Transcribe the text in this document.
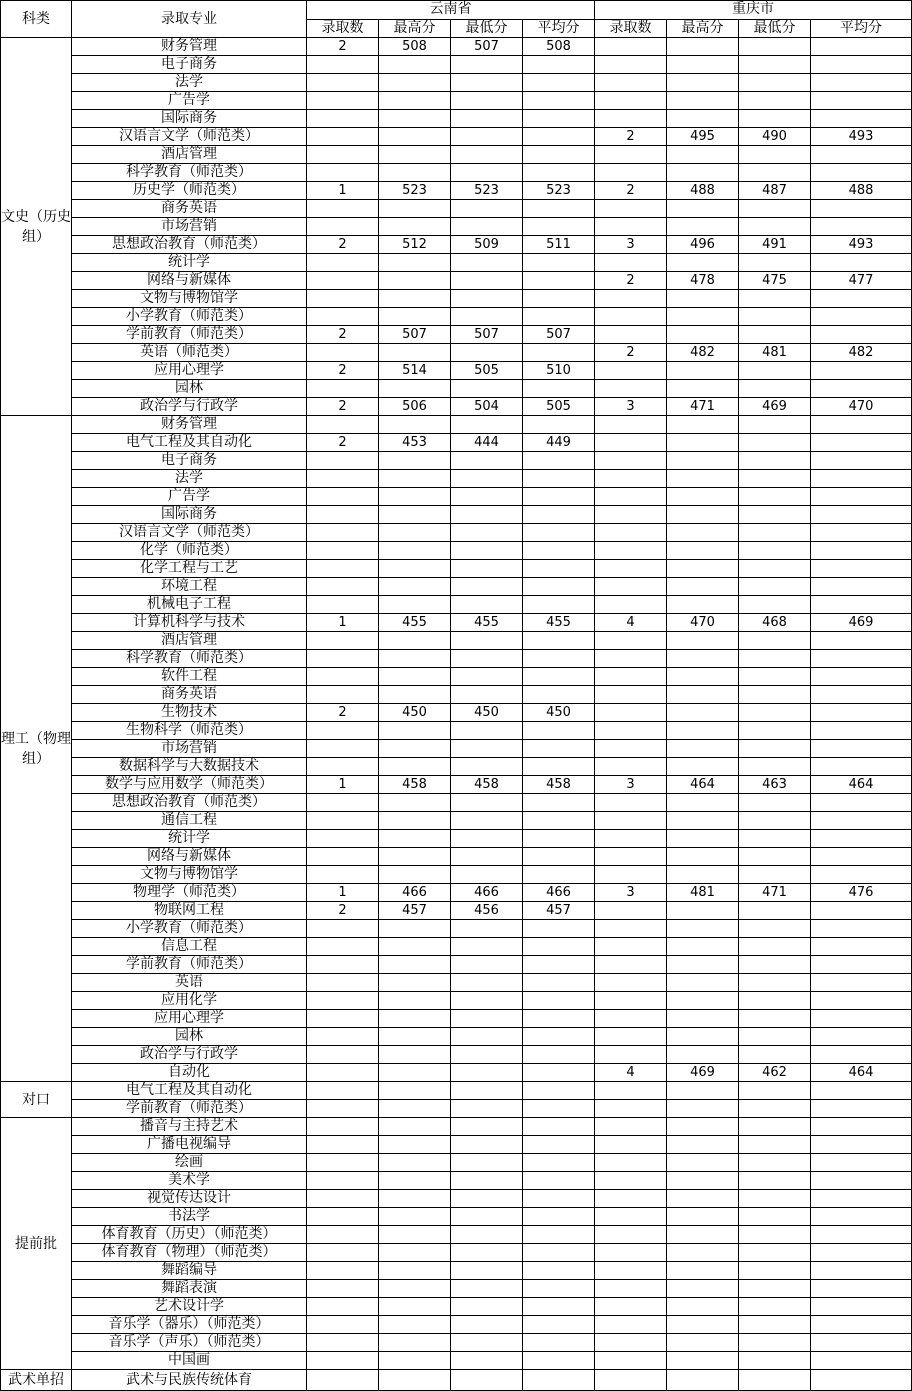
科类	录取专业	云南省				重庆市			
		录取数	最高分	最低分	平均分	录取数	最高分	最低分	平均分
文史（历史组）	财务管理	2	508	507	508				
	电子商务								
	法学								
	广告学								
	国际商务								
	汉语言文学（师范类）					2	495	490	493
	酒店管理								
	科学教育（师范类）								
	历史学（师范类）	1	523	523	523	2	488	487	488
	商务英语								
	市场营销								
	思想政治教育（师范类）	2	512	509	511	3	496	491	493
	统计学								
	网络与新媒体					2	478	475	477
	文物与博物馆学								
	小学教育（师范类）								
	学前教育（师范类）	2	507	507	507				
	英语（师范类）					2	482	481	482
	应用心理学	2	514	505	510				
	园林								
	政治学与行政学	2	506	504	505	3	471	469	470
理工（物理组）	财务管理								
	电气工程及其自动化	2	453	444	449				
	电子商务								
	法学								
	广告学								
	国际商务								
	汉语言文学（师范类）								
	化学（师范类）								
	化学工程与工艺								
	环境工程								
	机械电子工程								
	计算机科学与技术	1	455	455	455	4	470	468	469
	酒店管理								
	科学教育（师范类）								
	软件工程								
	商务英语								
	生物技术	2	450	450	450				
	生物科学（师范类）								
	市场营销								
	数据科学与大数据技术								
	数学与应用数学（师范类）	1	458	458	458	3	464	463	464
	思想政治教育（师范类）								
	通信工程								
	统计学								
	网络与新媒体								
	文物与博物馆学								
	物理学（师范类）	1	466	466	466	3	481	471	476
	物联网工程	2	457	456	457				
	小学教育（师范类）								
	信息工程								
	学前教育（师范类）								
	英语								
	应用化学								
	应用心理学								
	园林								
	政治学与行政学								
	自动化					4	469	462	464
对口	电气工程及其自动化								
	学前教育（师范类）								
提前批	播音与主持艺术								
	广播电视编导								
	绘画								
	美术学								
	视觉传达设计								
	书法学								
	体育教育（历史）（师范类）								
	体育教育（物理）（师范类）								
	舞蹈编导								
	舞蹈表演								
	艺术设计学								
	音乐学（器乐）（师范类）								
	音乐学（声乐）（师范类）								
	中国画								
武术单招	武术与民族传统体育								
